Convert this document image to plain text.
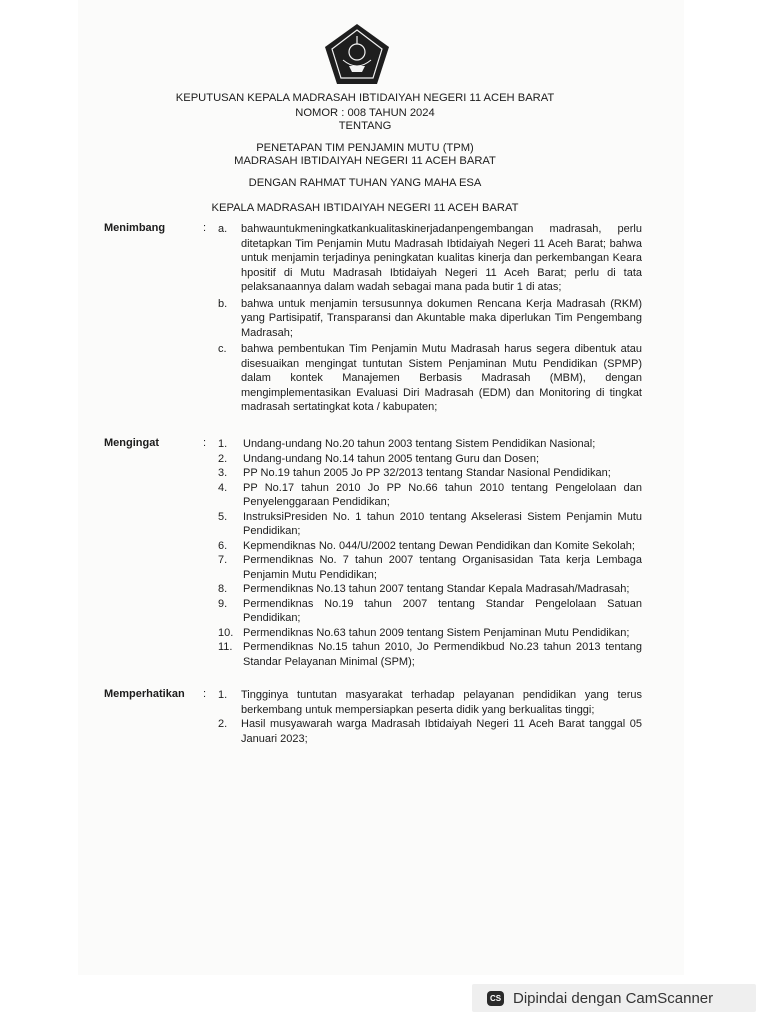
KEPUTUSAN KEPALA MADRASAH IBTIDAIYAH NEGERI 11 ACEH BARAT
NOMOR : 008 TAHUN 2024
TENTANG
PENETAPAN TIM PENJAMIN MUTU (TPM)
MADRASAH IBTIDAIYAH NEGERI 11 ACEH BARAT
DENGAN RAHMAT TUHAN YANG MAHA ESA
KEPALA MADRASAH IBTIDAIYAH NEGERI 11 ACEH BARAT
Menimbang	: a. bahwauntukmeningkatkankualitaskinerjadanpengembangan madrasah, perlu ditetapkan Tim Penjamin Mutu Madrasah Ibtidaiyah Negeri 11 Aceh Barat; bahwa untuk menjamin terjadinya peningkatan kualitas kinerja dan perkembangan Keara hpositif di Mutu Madrasah Ibtidaiyah Negeri 11 Aceh Barat; perlu di tata pelaksanaannya dalam wadah sebagai mana pada butir 1 di atas;
b. bahwa untuk menjamin tersusunnya dokumen Rencana Kerja Madrasah (RKM) yang Partisipatif, Transparansi dan Akuntable maka diperlukan Tim Pengembang Madrasah;
c. bahwa pembentukan Tim Penjamin Mutu Madrasah harus segera dibentuk atau disesuaikan mengingat tuntutan Sistem Penjaminan Mutu Pendidikan (SPMP) dalam kontek Manajemen Berbasis Madrasah (MBM), dengan mengimplementasikan Evaluasi Diri Madrasah (EDM) dan Monitoring di tingkat madrasah sertatingkat kota / kabupaten;
Mengingat	: 1. Undang-undang No.20 tahun 2003 tentang Sistem Pendidikan Nasional;
2. Undang-undang No.14 tahun 2005 tentang Guru dan Dosen;
3. PP No.19 tahun 2005 Jo PP 32/2013 tentang Standar Nasional Pendidikan;
4. PP No.17 tahun 2010 Jo PP No.66 tahun 2010 tentang Pengelolaan dan Penyelenggaraan Pendidikan;
5. InstruksiPresiden No. 1 tahun 2010 tentang Akselerasi Sistem Penjamin Mutu Pendidikan;
6. Kepmendiknas No. 044/U/2002 tentang Dewan Pendidikan dan Komite Sekolah;
7. Permendiknas No. 7 tahun 2007 tentang Organisasidan Tata kerja Lembaga Penjamin Mutu Pendidikan;
8. Permendiknas No.13 tahun 2007 tentang Standar Kepala Madrasah/Madrasah;
9. Permendiknas No.19 tahun 2007 tentang Standar Pengelolaan Satuan Pendidikan;
10. Permendiknas No.63 tahun 2009 tentang Sistem Penjaminan Mutu Pendidikan;
11. Permendiknas No.15 tahun 2010, Jo Permendikbud No.23 tahun 2013 tentang Standar Pelayanan Minimal (SPM);
Memperhatikan : 1. Tingginya tuntutan masyarakat terhadap pelayanan pendidikan yang terus berkembang untuk mempersiapkan peserta didik yang berkualitas tinggi;
2. Hasil musyawarah warga Madrasah Ibtidaiyah Negeri 11 Aceh Barat tanggal 05 Januari 2023;
CS Dipindai dengan CamScanner
